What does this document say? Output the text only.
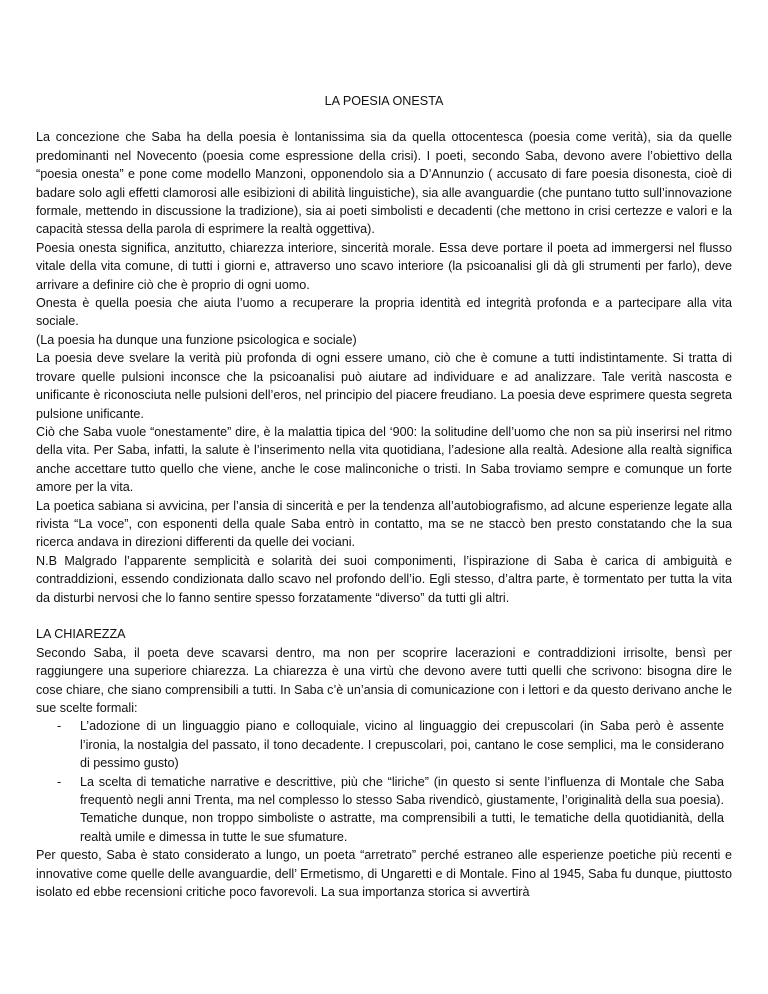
LA POESIA ONESTA

La concezione che Saba ha della poesia è lontanissima sia da quella ottocentesca (poesia come verità), sia da quelle predominanti nel Novecento (poesia come espressione della crisi). I poeti, secondo Saba, devono avere l’obiettivo della “poesia onesta” e pone come modello Manzoni, opponendolo sia a D’Annunzio ( accusato di fare poesia disonesta, cioè di badare solo agli effetti clamorosi alle esibizioni di abilità linguistiche), sia alle avanguardie (che puntano tutto sull’innovazione formale, mettendo in discussione la tradizione), sia ai poeti simbolisti e decadenti (che mettono in crisi certezze e valori e la capacità stessa della parola di esprimere la realtà oggettiva).

Poesia onesta significa, anzitutto, chiarezza interiore, sincerità morale. Essa deve portare il poeta ad immergersi nel flusso vitale della vita comune, di tutti i giorni e, attraverso uno scavo interiore (la psicoanalisi gli dà gli strumenti per farlo), deve arrivare a definire ciò che è proprio di ogni uomo.

Onesta è quella poesia che aiuta l’uomo a recuperare la propria identità ed integrità profonda e a partecipare alla vita sociale.

(La poesia ha dunque una funzione psicologica e sociale)

La poesia deve svelare la verità più profonda di ogni essere umano, ciò che è comune a tutti indistintamente. Si tratta di trovare quelle pulsioni inconsce che la psicoanalisi può aiutare ad individuare e ad analizzare. Tale verità nascosta e unificante è riconosciuta nelle pulsioni dell’eros, nel principio del piacere freudiano. La poesia deve esprimere questa segreta pulsione unificante.

Ciò che Saba vuole “onestamente” dire, è la malattia tipica del ‘900: la solitudine dell’uomo che non sa più inserirsi nel ritmo della vita. Per Saba, infatti, la salute è l’inserimento nella vita quotidiana, l’adesione alla realtà. Adesione alla realtà significa anche accettare tutto quello che viene, anche le cose malinconiche o tristi. In Saba troviamo sempre e comunque un forte amore per la vita.

La poetica sabiana si avvicina, per l’ansia di sincerità e per la tendenza all’autobiografismo, ad alcune esperienze legate alla rivista “La voce”, con esponenti della quale Saba entrò in contatto, ma se ne staccò ben presto constatando che la sua ricerca andava in direzioni differenti da quelle dei vociani.

N.B Malgrado l’apparente semplicità e solarità dei suoi componimenti, l’ispirazione di Saba è carica di ambiguità e contraddizioni, essendo condizionata dallo scavo nel profondo dell’io. Egli stesso, d’altra parte, è tormentato per tutta la vita da disturbi nervosi che lo fanno sentire spesso forzatamente “diverso” da tutti gli altri.

LA CHIAREZZA

Secondo Saba, il poeta deve scavarsi dentro, ma non per scoprire lacerazioni e contraddizioni irrisolte, bensì per raggiungere una superiore chiarezza. La chiarezza è una virtù che devono avere tutti quelli che scrivono: bisogna dire le cose chiare, che siano comprensibili a tutti. In Saba c’è un’ansia di comunicazione con i lettori e da questo derivano anche le sue scelte formali:

- L’adozione di un linguaggio piano e colloquiale, vicino al linguaggio dei crepuscolari (in Saba però è assente l’ironia, la nostalgia del passato, il tono decadente. I crepuscolari, poi, cantano le cose semplici, ma le considerano di pessimo gusto)
- La scelta di tematiche narrative e descrittive, più che “liriche” (in questo si sente l’influenza di Montale che Saba frequentò negli anni Trenta, ma nel complesso lo stesso Saba rivendicò, giustamente, l’originalità della sua poesia). Tematiche dunque, non troppo simboliste o astratte, ma comprensibili a tutti, le tematiche della quotidianità, della realtà umile e dimessa in tutte le sue sfumature.

Per questo, Saba è stato considerato a lungo, un poeta “arretrato” perché estraneo alle esperienze poetiche più recenti e innovative come quelle delle avanguardie, dell’ Ermetismo, di Ungaretti e di Montale. Fino al 1945, Saba fu dunque, piuttosto isolato ed ebbe recensioni critiche poco favorevoli. La sua importanza storica si avvertirà
